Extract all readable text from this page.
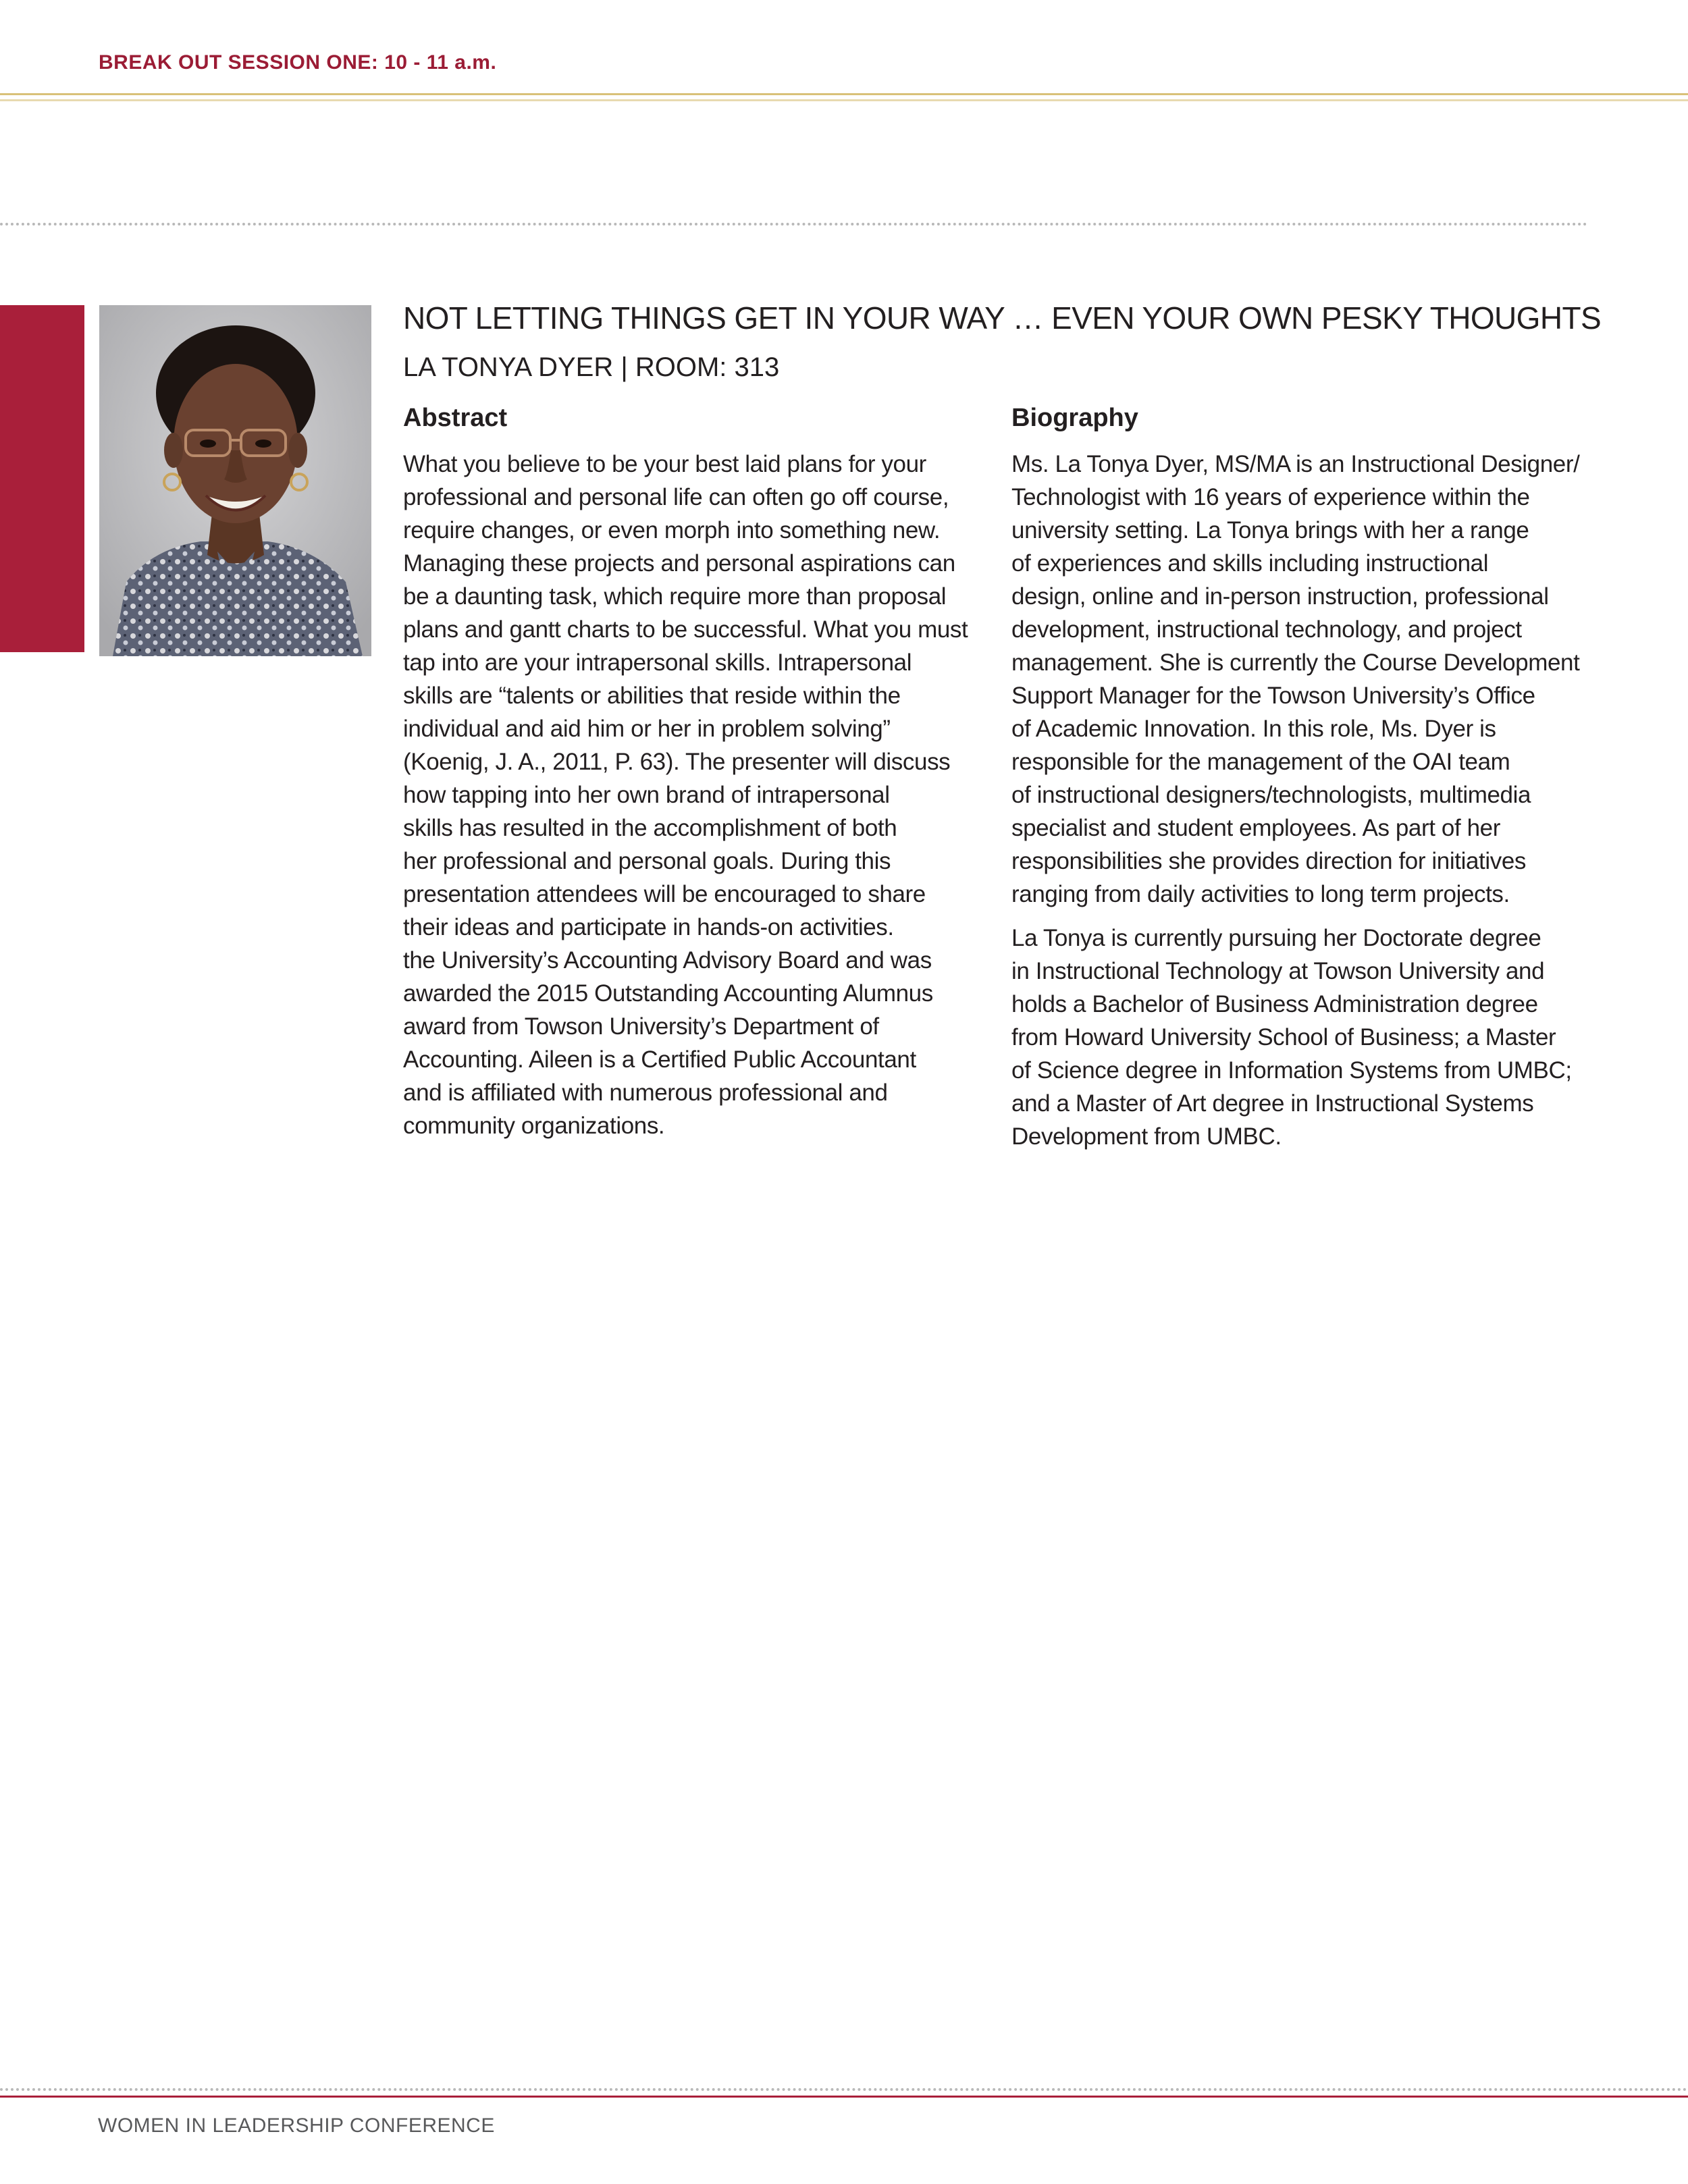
BREAK OUT SESSION ONE: 10 - 11 a.m.
NOT LETTING THINGS GET IN YOUR WAY … EVEN YOUR OWN PESKY THOUGHTS
LA TONYA DYER | ROOM: 313
Abstract

What you believe to be your best laid plans for your
professional and personal life can often go off course,
require changes, or even morph into something new.
Managing these projects and personal aspirations can
be a daunting task, which require more than proposal
plans and gantt charts to be successful. What you must
tap into are your intrapersonal skills. Intrapersonal
skills are “talents or abilities that reside within the
individual and aid him or her in problem solving”
(Koenig, J. A., 2011, P. 63). The presenter will discuss
how tapping into her own brand of intrapersonal
skills has resulted in the accomplishment of both
her professional and personal goals. During this
presentation attendees will be encouraged to share
their ideas and participate in hands-on activities.
the University’s Accounting Advisory Board and was
awarded the 2015 Outstanding Accounting Alumnus
award from Towson University’s Department of
Accounting. Aileen is a Certified Public Accountant
and is affiliated with numerous professional and
community organizations.

Biography

Ms. La Tonya Dyer, MS/MA is an Instructional Designer/
Technologist with 16 years of experience within the
university setting. La Tonya brings with her a range
of experiences and skills including instructional
design, online and in-person instruction, professional
development, instructional technology, and project
management. She is currently the Course Development
Support Manager for the Towson University’s Office
of Academic Innovation. In this role, Ms. Dyer is
responsible for the management of the OAI team
of instructional designers/technologists, multimedia
specialist and student employees. As part of her
responsibilities she provides direction for initiatives
ranging from daily activities to long term projects.

La Tonya is currently pursuing her Doctorate degree
in Instructional Technology at Towson University and
holds a Bachelor of Business Administration degree
from Howard University School of Business; a Master
of Science degree in Information Systems from UMBC;
and a Master of Art degree in Instructional Systems
Development from UMBC.

WOMEN IN LEADERSHIP CONFERENCE
